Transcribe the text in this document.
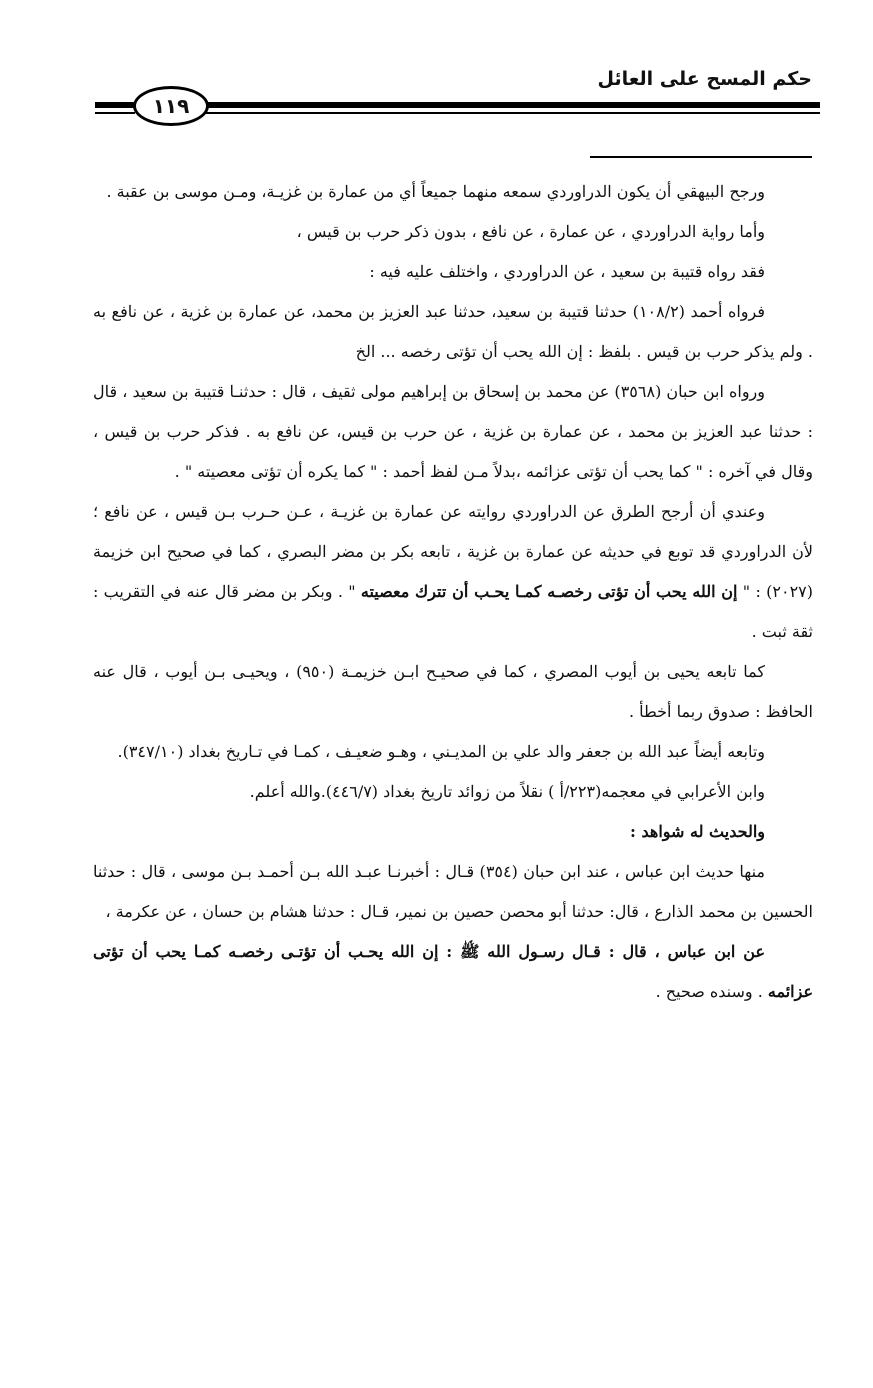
حكم المسح على العائل
١١٩

ورجح البيهقي أن يكون الدراوردي سمعه منهما جميعاً أي من عمارة بن غزيـة، ومـن موسى بن عقبة .

وأما رواية الدراوردي ، عن عمارة ، عن نافع ، بدون ذكر حرب بن قيس ،

فقد رواه قتيبة بن سعيد ، عن الدراوردي ، واختلف عليه فيه :

فرواه أحمد (١٠٨/٢) حدثنا قتيبة بن سعيد، حدثنا عبد العزيز بن محمد، عن عمارة بن غزية ، عن نافع به . ولم يذكر حرب بن قيس . بلفظ : إن الله يحب أن تؤتى رخصه ... الخ

ورواه ابن حبان (٣٥٦٨) عن محمد بن إسحاق بن إبراهيم مولى ثقيف ، قال : حدثنـا قتيبة بن سعيد ، قال : حدثنا عبد العزيز بن محمد ، عن عمارة بن غزية ، عن حرب بن قيس، عن نافع به . فذكر حرب بن قيس ، وقال في آخره : " كما يحب أن تؤتى عزائمه ،بدلاً مـن لفظ أحمد : " كما يكره أن تؤتى معصيته " .

وعندي أن أرجح الطرق عن الدراوردي روايته عن عمارة بن غزيـة ، عـن حـرب بـن قيس ، عن نافع ؛ لأن الدراوردي قد توبع في حديثه عن عمارة بن غزية ، تابعه بكر بن مضر البصري ، كما في صحيح ابن خزيمة (٢٠٢٧) : " إن الله يحب أن تؤتى رخصـه كمـا يحـب أن تترك معصيته " . وبكر بن مضر قال عنه في التقريب : ثقة ثبت .

كما تابعه يحيى بن أيوب المصري ، كما في صحيـح ابـن خزيمـة (٩٥٠) ، ويحيـى بـن أيوب ، قال عنه الحافظ : صدوق ربما أخطأ .

وتابعه أيضاً عبد الله بن جعفر والد علي بن المديـني ، وهـو ضعيـف ، كمـا في تـاريخ بغداد (٣٤٧/١٠).

وابن الأعرابي في معجمه(٢٢٣/أ ) نقلاً من زوائد تاريخ بغداد (٤٤٦/٧).والله أعلم.

والحديث له شواهد :

منها حديث ابن عباس ، عند ابن حبان (٣٥٤) قـال : أخبرنـا عبـد الله بـن أحمـد بـن موسى ، قال : حدثنا الحسين بن محمد الذارع ، قال: حدثنا أبو محصن حصين بن نمير، قـال : حدثنا هشام بن حسان ، عن عكرمة ،

عن ابن عباس ، قال : قـال رسـول الله ﷺ : إن الله يحـب أن تؤتـى رخصـه كمـا يحب أن تؤتى عزائمه . وسنده صحيح .
